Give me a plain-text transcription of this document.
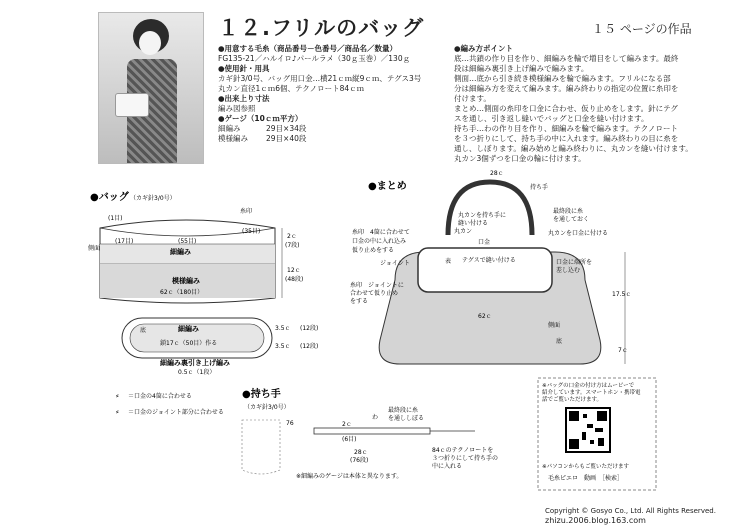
１２.フリルのバッグ	１５ ページの作品
●用意する毛糸（商品番号－色番号／商品名／数量）
FG135-21／ハルイロ♪パールラメ（30ｇ玉巻）／130ｇ
●使用針・用具
カギ針3/0号、バッグ用口金…横21ｃｍ縦9ｃｍ、テグス3号
丸カン直径1ｃｍ6個、テクノロート84ｃｍ
●出来上り寸法
編み図参照
●ゲージ（10ｃｍ平方）
細編み	29目×34段
模様編み 29目×40段
●編み方ポイント
底…共鎖の作り目を作り、細編みを輪で増目をして編みます。最終
段は細編み裏引き上げ編みで編みます。
側面…底から引き続き模様編みを輪で編みます。フリルになる部
分は細編み方を変えて編みます。編み終わりの指定の位置に糸印を
付けます。
まとめ…側面の糸印を口金に合わせ、仮り止めをします。針にテグ
スを通し、引き返し縫いでバッグと口金を縫い付けます。
持ち手…わの作り目を作り、細編みを輪で編みます。テクノロート
を３つ折りにして、持ち手の中に入れます。編み終わりの目に糸を
通し、しぼります。編み始めと編み終わりに、丸カンを縫い付けます。
丸カン3個ずつを口金の輪に付けます。
●バッグ （カギ針3/0号）
(1目)
糸印
(17目)	(55目)
(35目)
細編み
側面
模様編み
62ｃ（180目）
2ｃ
(7段)
12ｃ
(48段)
底	細編み
鎖17ｃ（50目）作る
細編み裏引き上げ編み
0.5ｃ（1段）
3.5ｃ (12段)
3.5ｃ (12段)
⸗ ＝口金の4箇に合わせる
⸗ ＝口金のジョイント部分に合わせる
●まとめ
28ｃ
持ち手
丸カンを持ち手に
縫い付ける
丸カン
口金
最終段に糸
を通しておく
丸カンを口金に付ける
糸印　4箇に合わせて
口金の中に入れ込み
仮り止めをする
表 テグスで縫い付ける
ジョイント	口金に端所を
差し込む
糸印　ジョイントに
合わせて仮り止め
をする
17.5ｃ
62ｃ
側面
底
7ｃ
●持ち手
（カギ針3/0号）
76
わ
最終段に糸
を通ししぼる
2ｃ
(6目)
28ｃ
(76段)
84ｃのテクノロートを
３つ折りにして持ち手の
中に入れる
※細編みのゲージは本体と異なります。
※バッグの口金の付け方はムービーで
紹介しています。スマートホン・携帯電
話でご覧いただけます。
※パソコンからもご覧いただけます
毛糸ピエロ　動画　［検索］
Copyright © Gosyo Co., Ltd. All Rights Reserved.
zhizu.2006.blog.163.com
